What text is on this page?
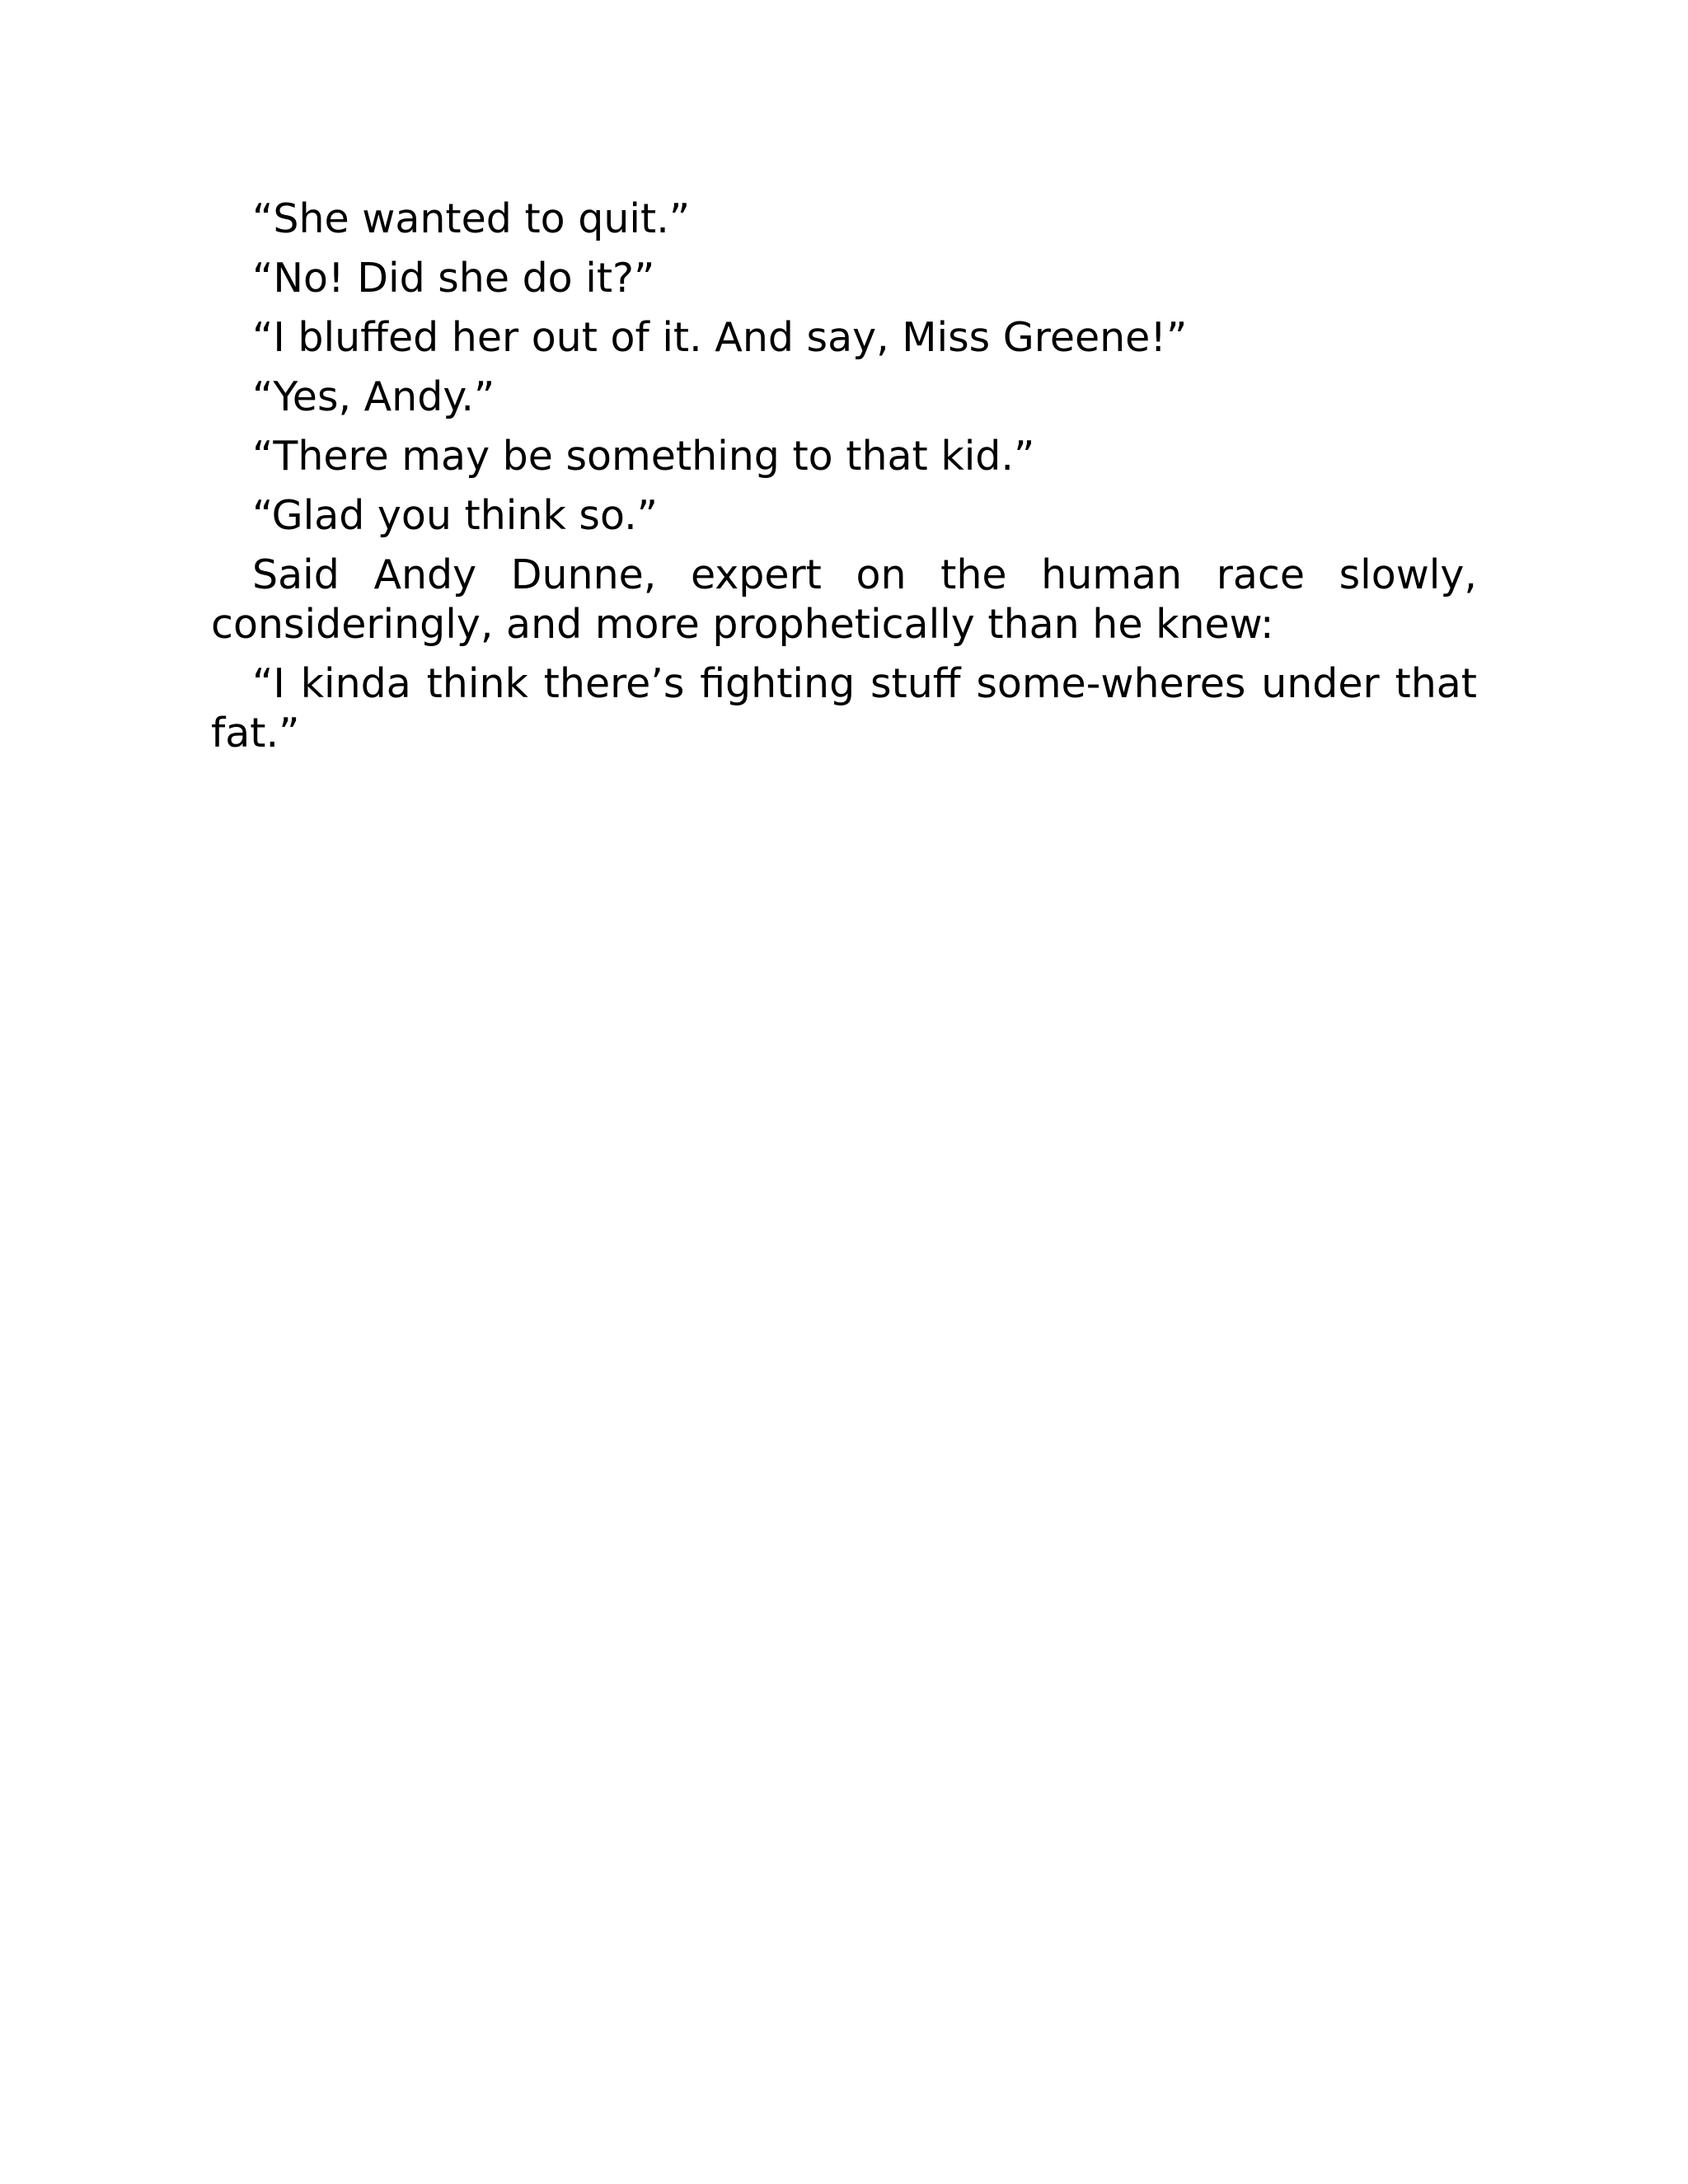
“She wanted to quit.”

“No! Did she do it?”

“I bluffed her out of it. And say, Miss Greene!”

“Yes, Andy.”

“There may be something to that kid.”

“Glad you think so.”

Said Andy Dunne, expert on the human race slowly, consideringly, and more prophetically than he knew:

“I kinda think there’s fighting stuff some-wheres under that fat.”
